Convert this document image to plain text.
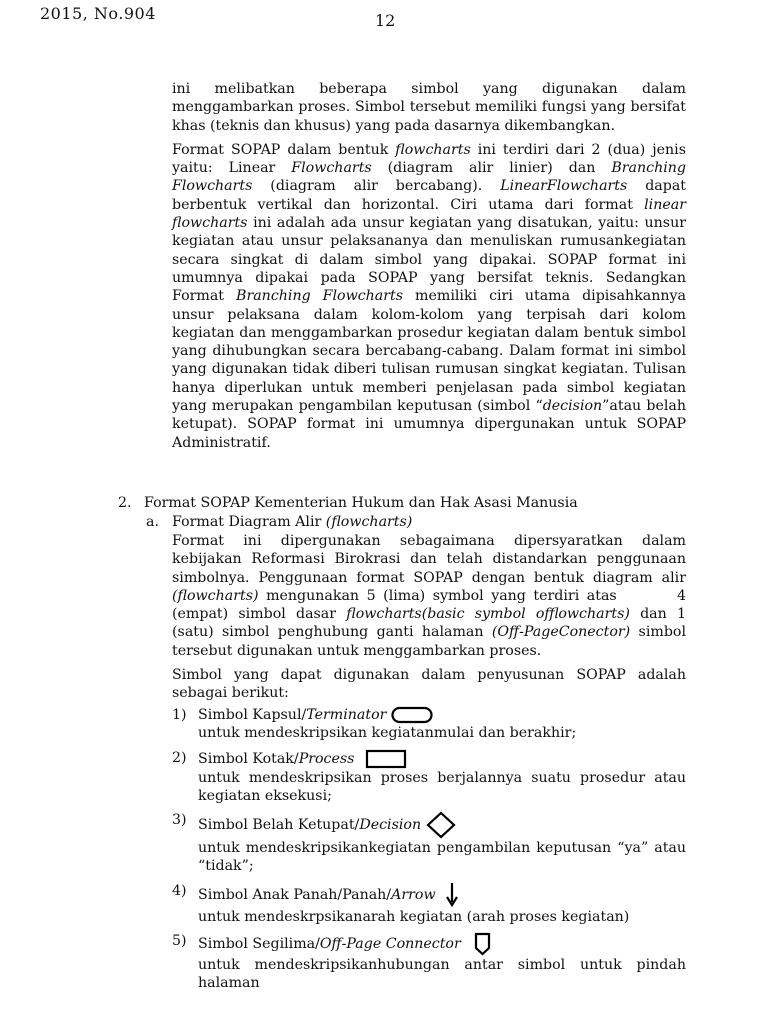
2015, No.904	12

ini melibatkan beberapa simbol yang digunakan dalam menggambarkan proses. Simbol tersebut memiliki fungsi yang bersifat khas (teknis dan khusus) yang pada dasarnya dikembangkan.

Format SOPAP dalam bentuk flowcharts ini terdiri dari 2 (dua) jenis yaitu: Linear Flowcharts (diagram alir linier) dan Branching Flowcharts (diagram alir bercabang). LinearFlowcharts dapat berbentuk vertikal dan horizontal. Ciri utama dari format linear flowcharts ini adalah ada unsur kegiatan yang disatukan, yaitu: unsur kegiatan atau unsur pelaksananya dan menuliskan rumusankegiatan secara singkat di dalam simbol yang dipakai. SOPAP format ini umumnya dipakai pada SOPAP yang bersifat teknis. Sedangkan Format Branching Flowcharts memiliki ciri utama dipisahkannya unsur pelaksana dalam kolom-kolom yang terpisah dari kolom kegiatan dan menggambarkan prosedur kegiatan dalam bentuk simbol yang dihubungkan secara bercabang-cabang. Dalam format ini simbol yang digunakan tidak diberi tulisan rumusan singkat kegiatan. Tulisan hanya diperlukan untuk memberi penjelasan pada simbol kegiatan yang merupakan pengambilan keputusan (simbol “decision”atau belah ketupat). SOPAP format ini umumnya dipergunakan untuk SOPAP Administratif.

2. Format SOPAP Kementerian Hukum dan Hak Asasi Manusia
a. Format Diagram Alir (flowcharts)

Format ini dipergunakan sebagaimana dipersyaratkan dalam kebijakan Reformasi Birokrasi dan telah distandarkan penggunaan simbolnya. Penggunaan format SOPAP dengan bentuk diagram alir (flowcharts) mengunakan 5 (lima) symbol yang terdiri atas        4 (empat) simbol dasar flowcharts(basic symbol offlowcharts) dan 1 (satu) simbol penghubung ganti halaman (Off-PageConector) simbol tersebut digunakan untuk menggambarkan proses.

Simbol yang dapat digunakan dalam penyusunan SOPAP adalah sebagai berikut:

1) Simbol Kapsul/Terminator
untuk mendeskripsikan kegiatanmulai dan berakhir;
2) Simbol Kotak/Process
untuk mendeskripsikan proses berjalannya suatu prosedur atau kegiatan eksekusi;
3) Simbol Belah Ketupat/Decision
untuk mendeskripsikankegiatan pengambilan keputusan “ya” atau “tidak”;
4) Simbol Anak Panah/Panah/Arrow
untuk mendeskrpsikanarah kegiatan (arah proses kegiatan)
5) Simbol Segilima/Off-Page Connector
untuk mendeskripsikanhubungan antar simbol untuk pindah halaman
